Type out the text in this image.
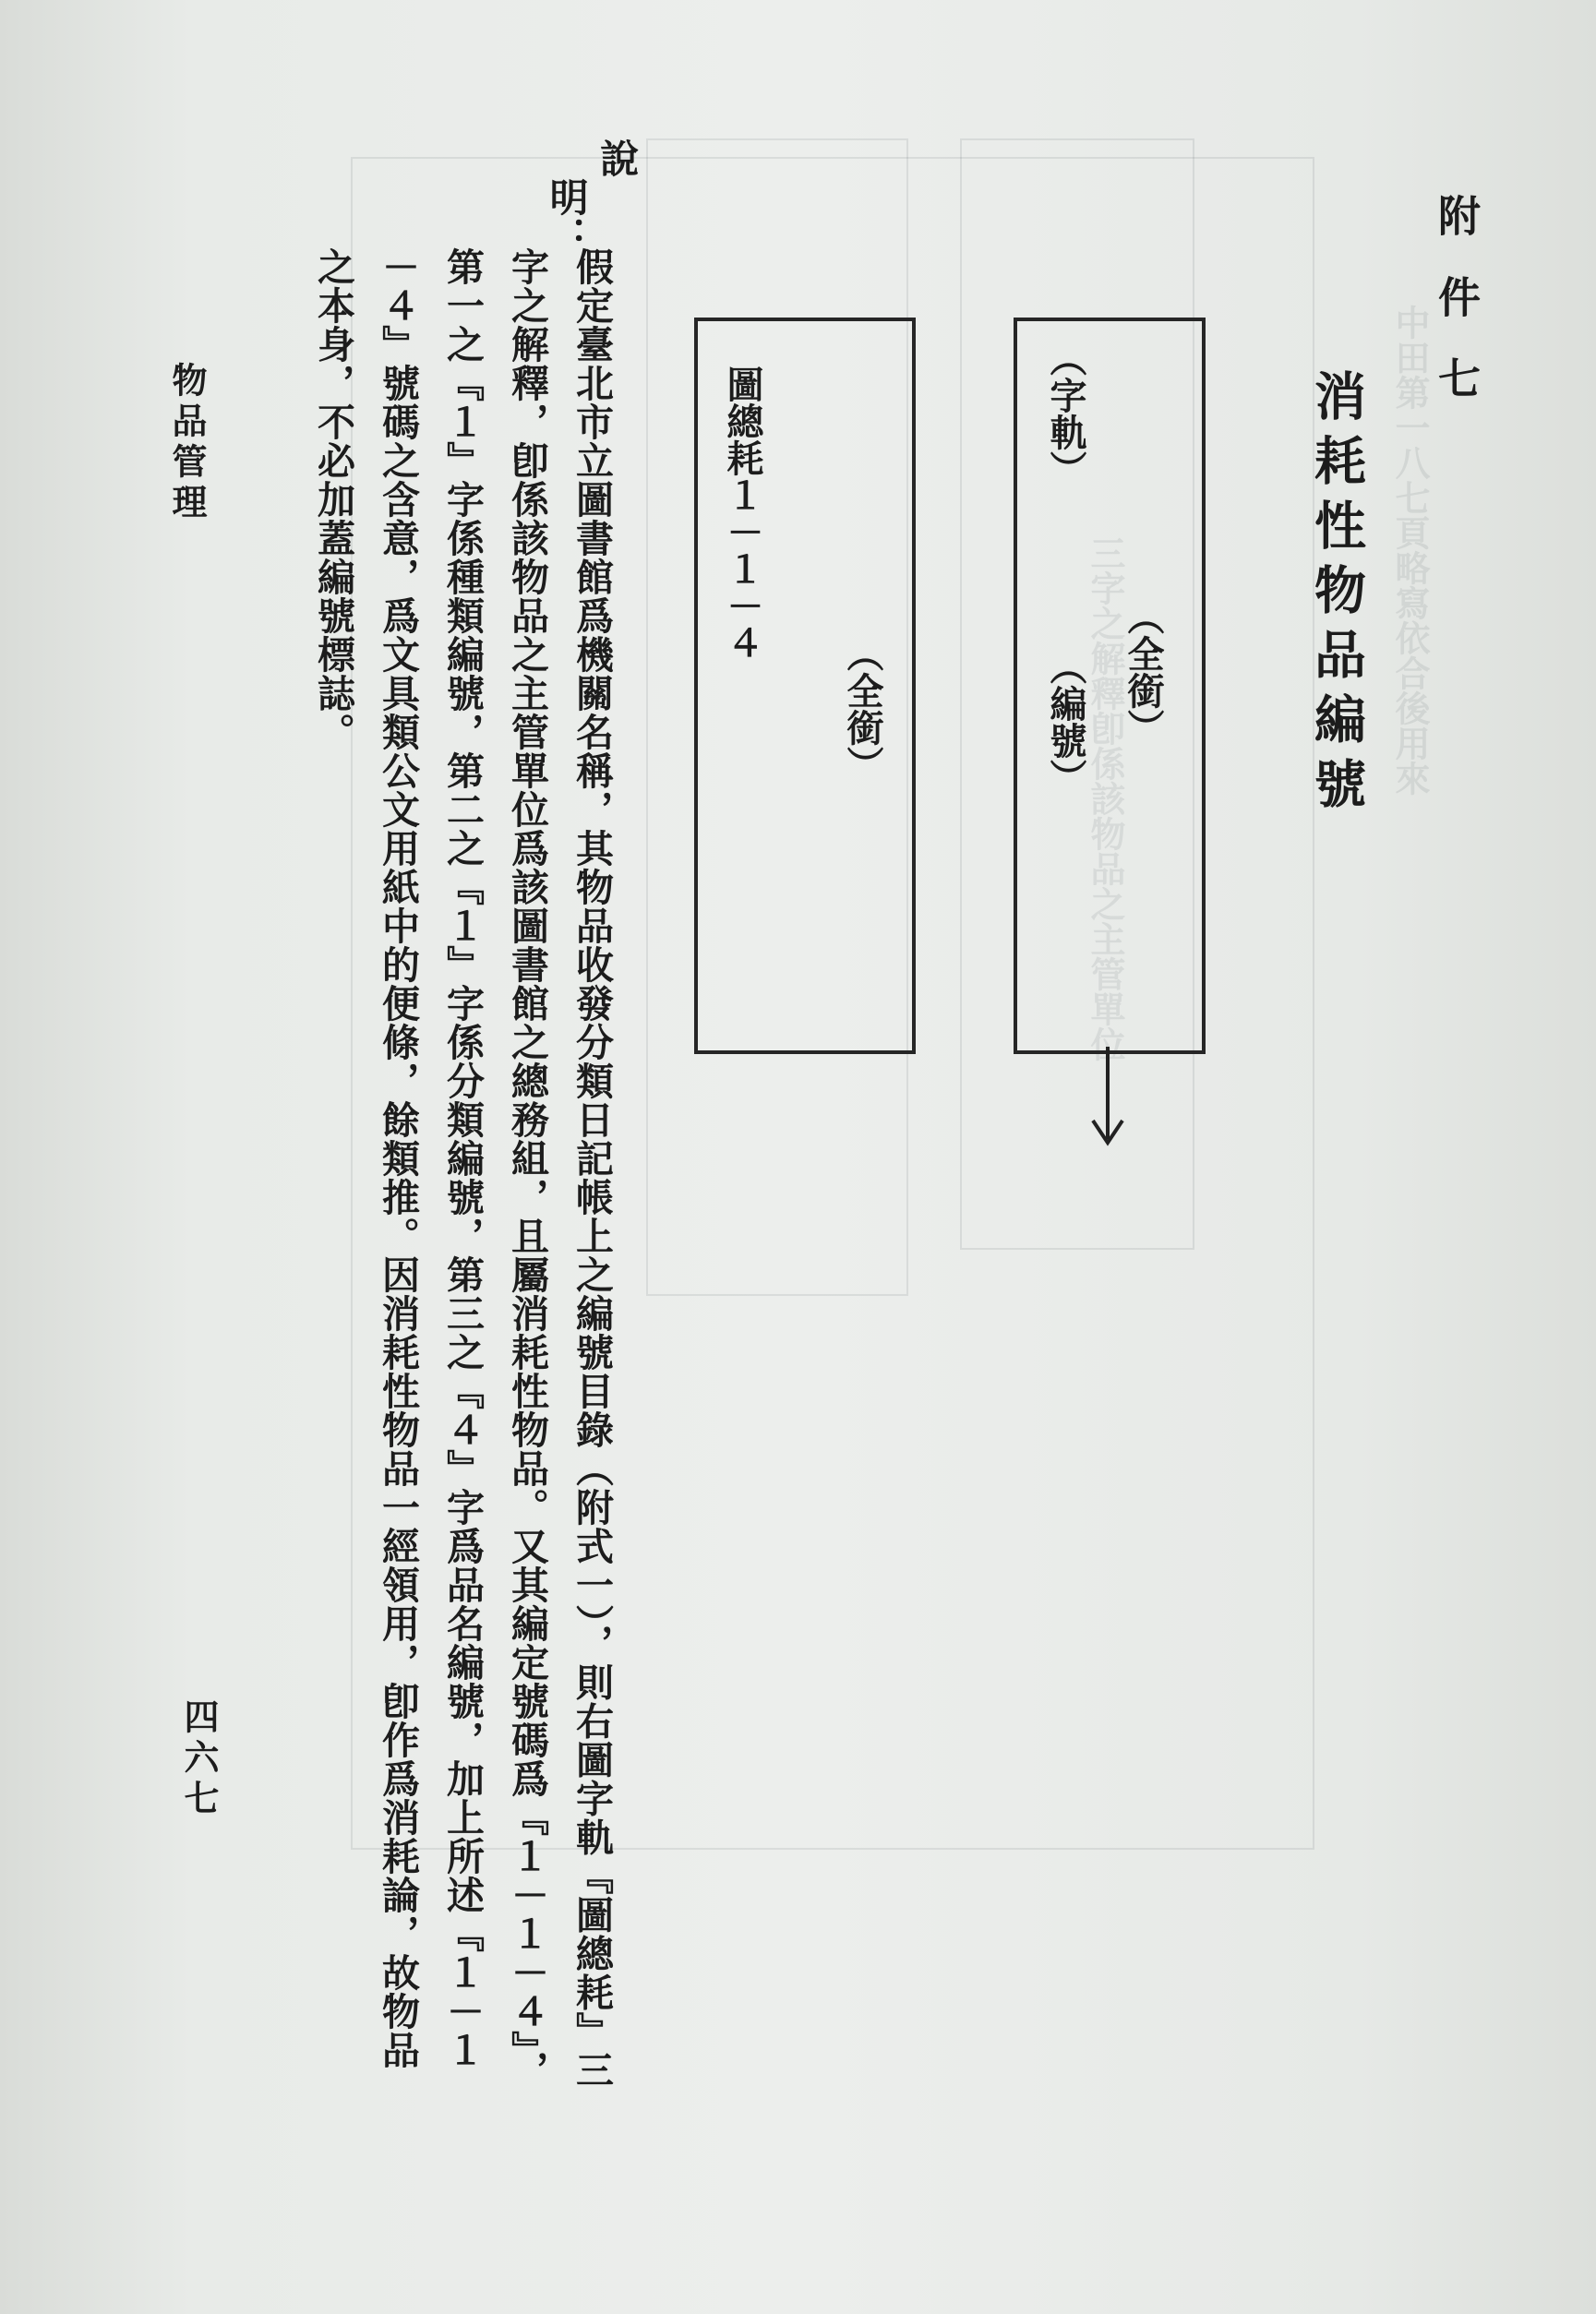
中田第一八七頁略寫依合後用來
三字之解釋卽係該物品之主管單位
附件七
消耗性物品編號
（全銜）
（字軌）
（編號）
（全銜）
圖總耗１－１－４
說
明：
假定臺北市立圖書館爲機關名稱，其物品收發分類日記帳上之編號目錄（附式一），則右圖字軌『圖總耗』三字之解釋，卽係該物品之主管單位爲該圖書館之總務組，且屬消耗性物品。又其編定號碼爲『１－１－４』，第一之『１』字係種類編號，第二之『１』字係分類編號，第三之『４』字爲品名編號，加上所述『１－１－４』號碼之含意，爲文具類公文用紙中的便條，餘類推。因消耗性物品一經領用，卽作爲消耗論，故物品之本身，不必加蓋編號標誌。
物品管理
四六七
